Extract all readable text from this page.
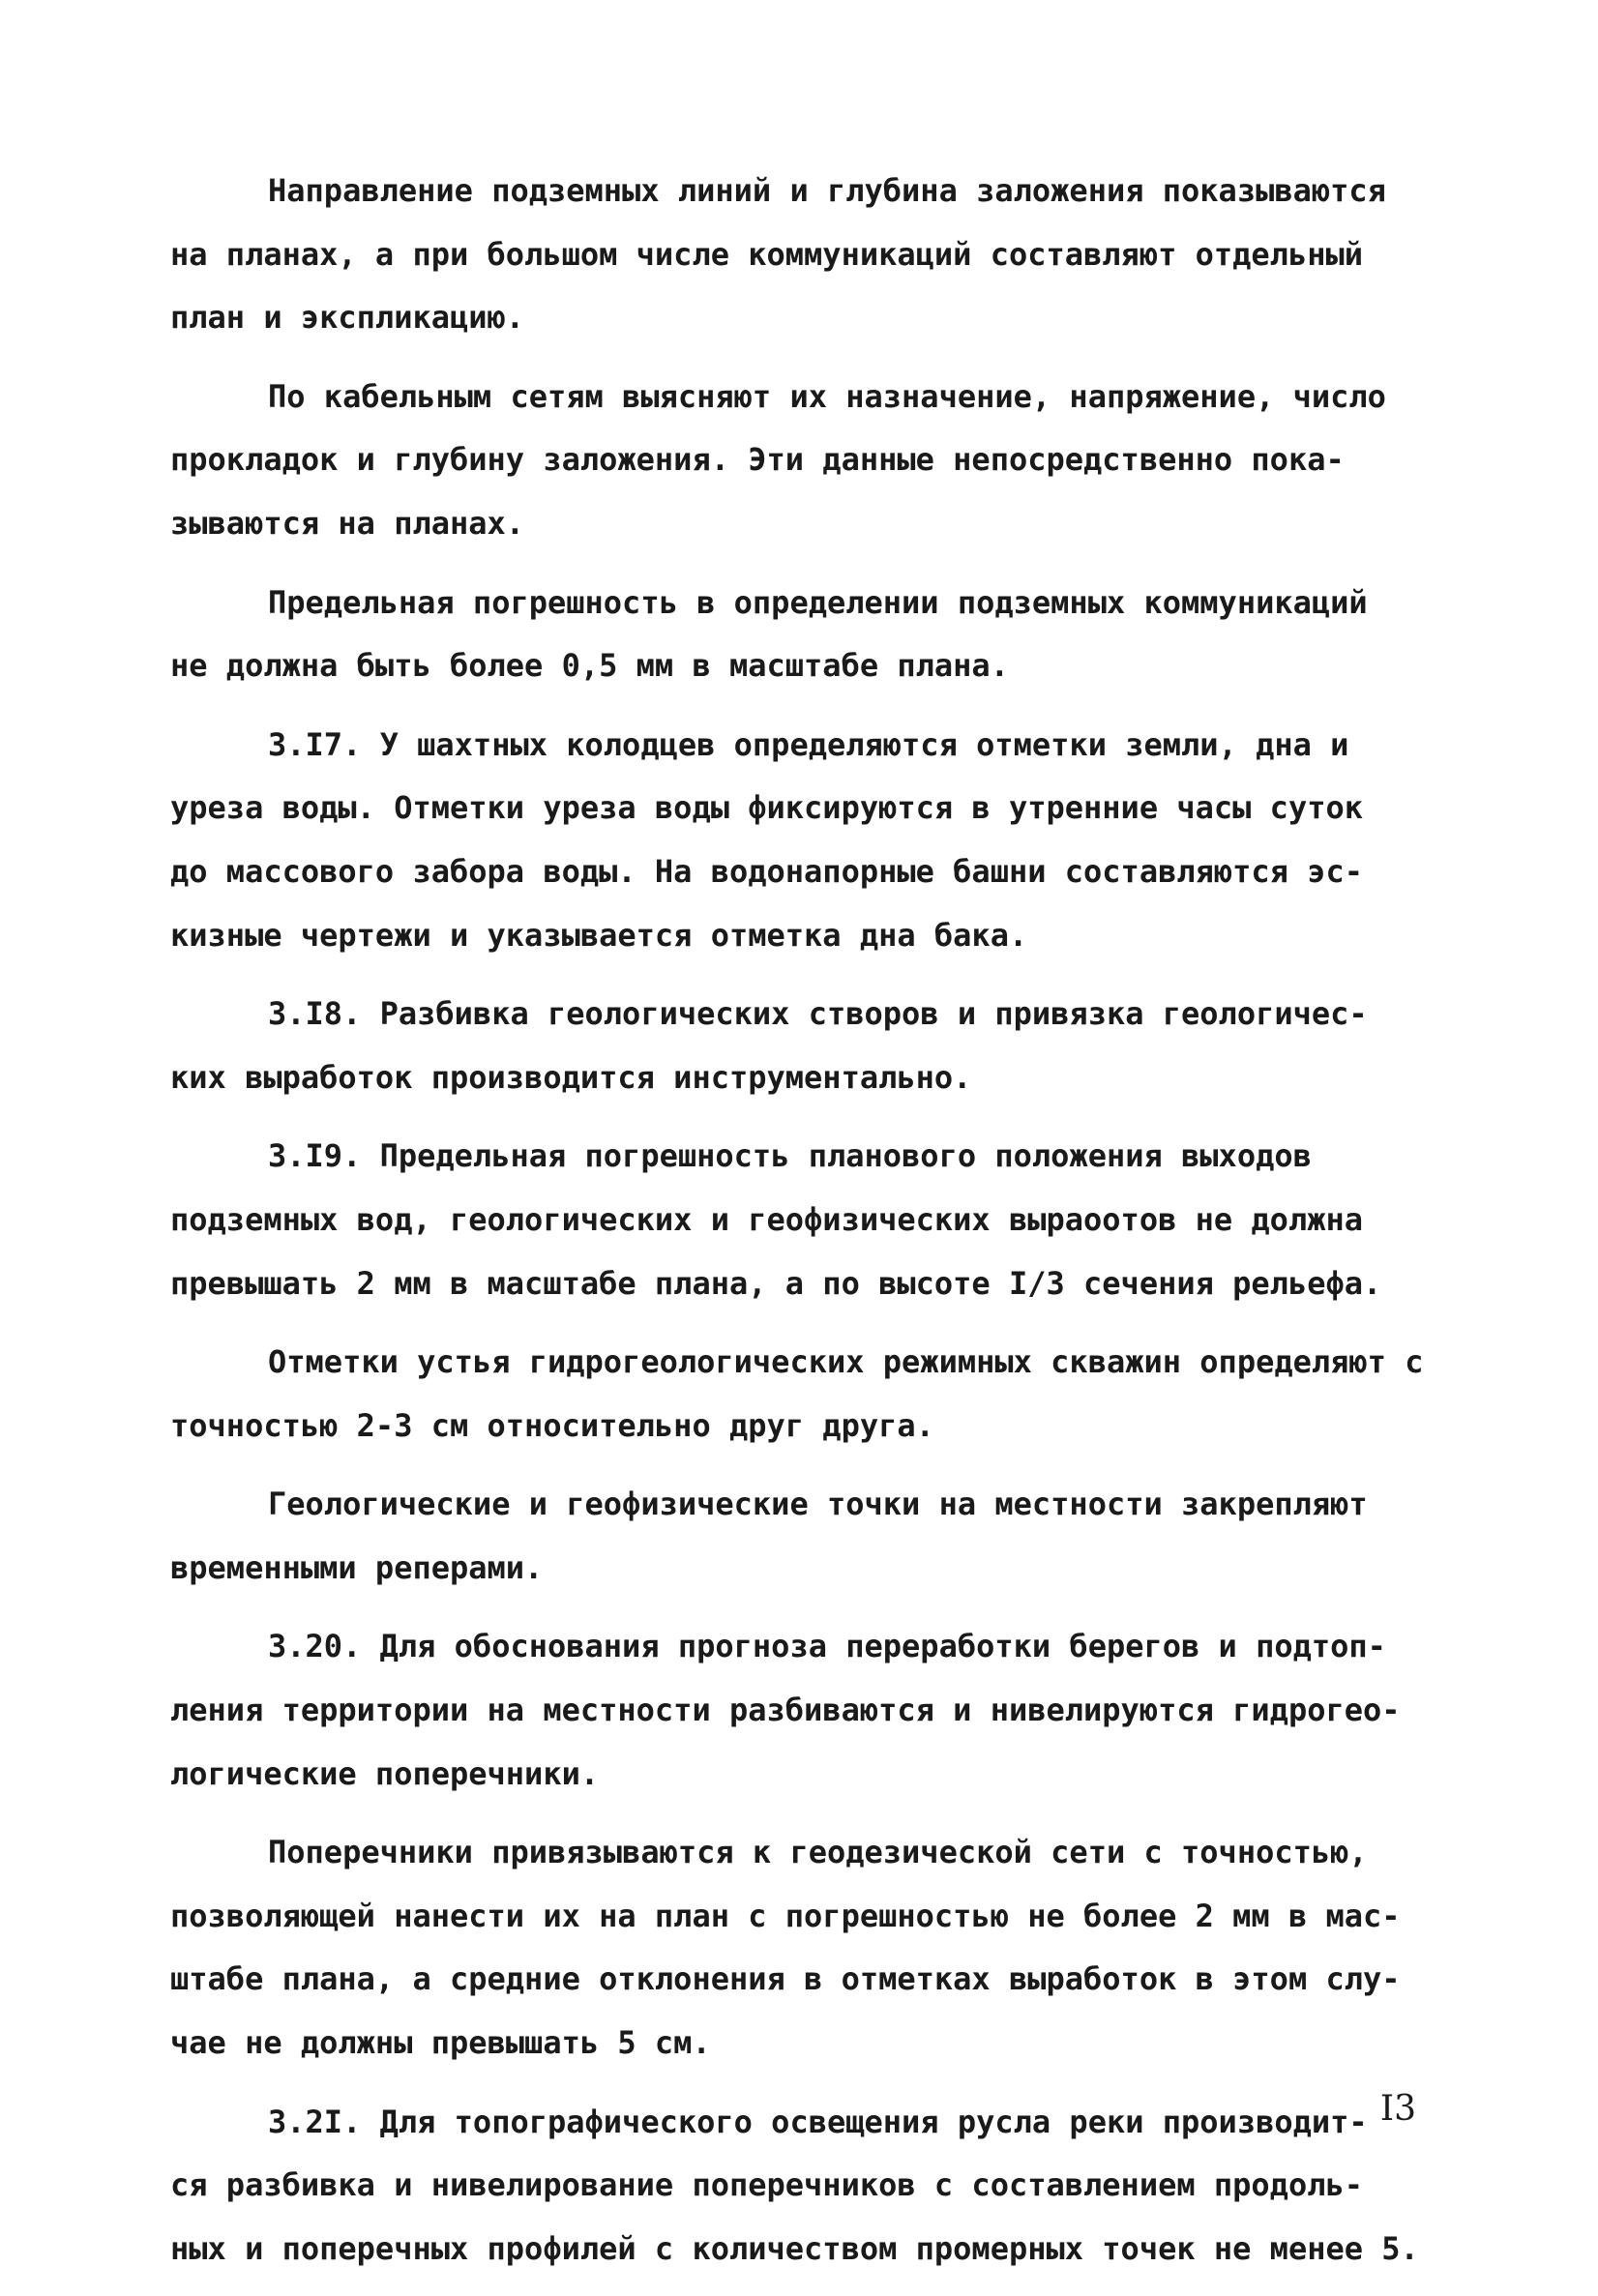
Направление подземных линий и глубина заложения показываются
на планах, а при большом числе коммуникаций составляют отдельный
план и экспликацию.
По кабельным сетям выясняют их назначение, напряжение, число
прокладок и глубину заложения. Эти данные непосредственно пока-
зываются на планах.
Предельная погрешность в определении подземных коммуникаций
не должна быть более 0,5 мм в масштабе плана.
3.I7. У шахтных колодцев определяются отметки земли, дна и
уреза воды. Отметки уреза воды фиксируются в утренние часы суток
до массового забора воды. На водонапорные башни составляются эс-
кизные чертежи и указывается отметка дна бака.
3.I8. Разбивка геологических створов и привязка геологичес-
ких выработок производится инструментально.
3.I9. Предельная погрешность планового положения выходов
подземных вод, геологических и геофизических выраоотов не должна
превышать 2 мм в масштабе плана, а по высоте I/3 сечения рельефа.
Отметки устья гидрогеологических режимных скважин определяют с
точностью 2-3 см относительно друг друга.
Геологические и геофизические точки на местности закрепляют
временными реперами.
3.20. Для обоснования прогноза переработки берегов и подтоп-
ления территории на местности разбиваются и нивелируются гидрогео-
логические поперечники.
Поперечники привязываются к геодезической сети с точностью,
позволяющей нанести их на план с погрешностью не более 2 мм в мас-
штабе плана, а средние отклонения в отметках выработок в этом слу-
чае не должны превышать 5 см.
3.2I. Для топографического освещения русла реки производит-
ся разбивка и нивелирование поперечников с составлением продоль-
ных и поперечных профилей с количеством промерных точек не менее 5.
I3
